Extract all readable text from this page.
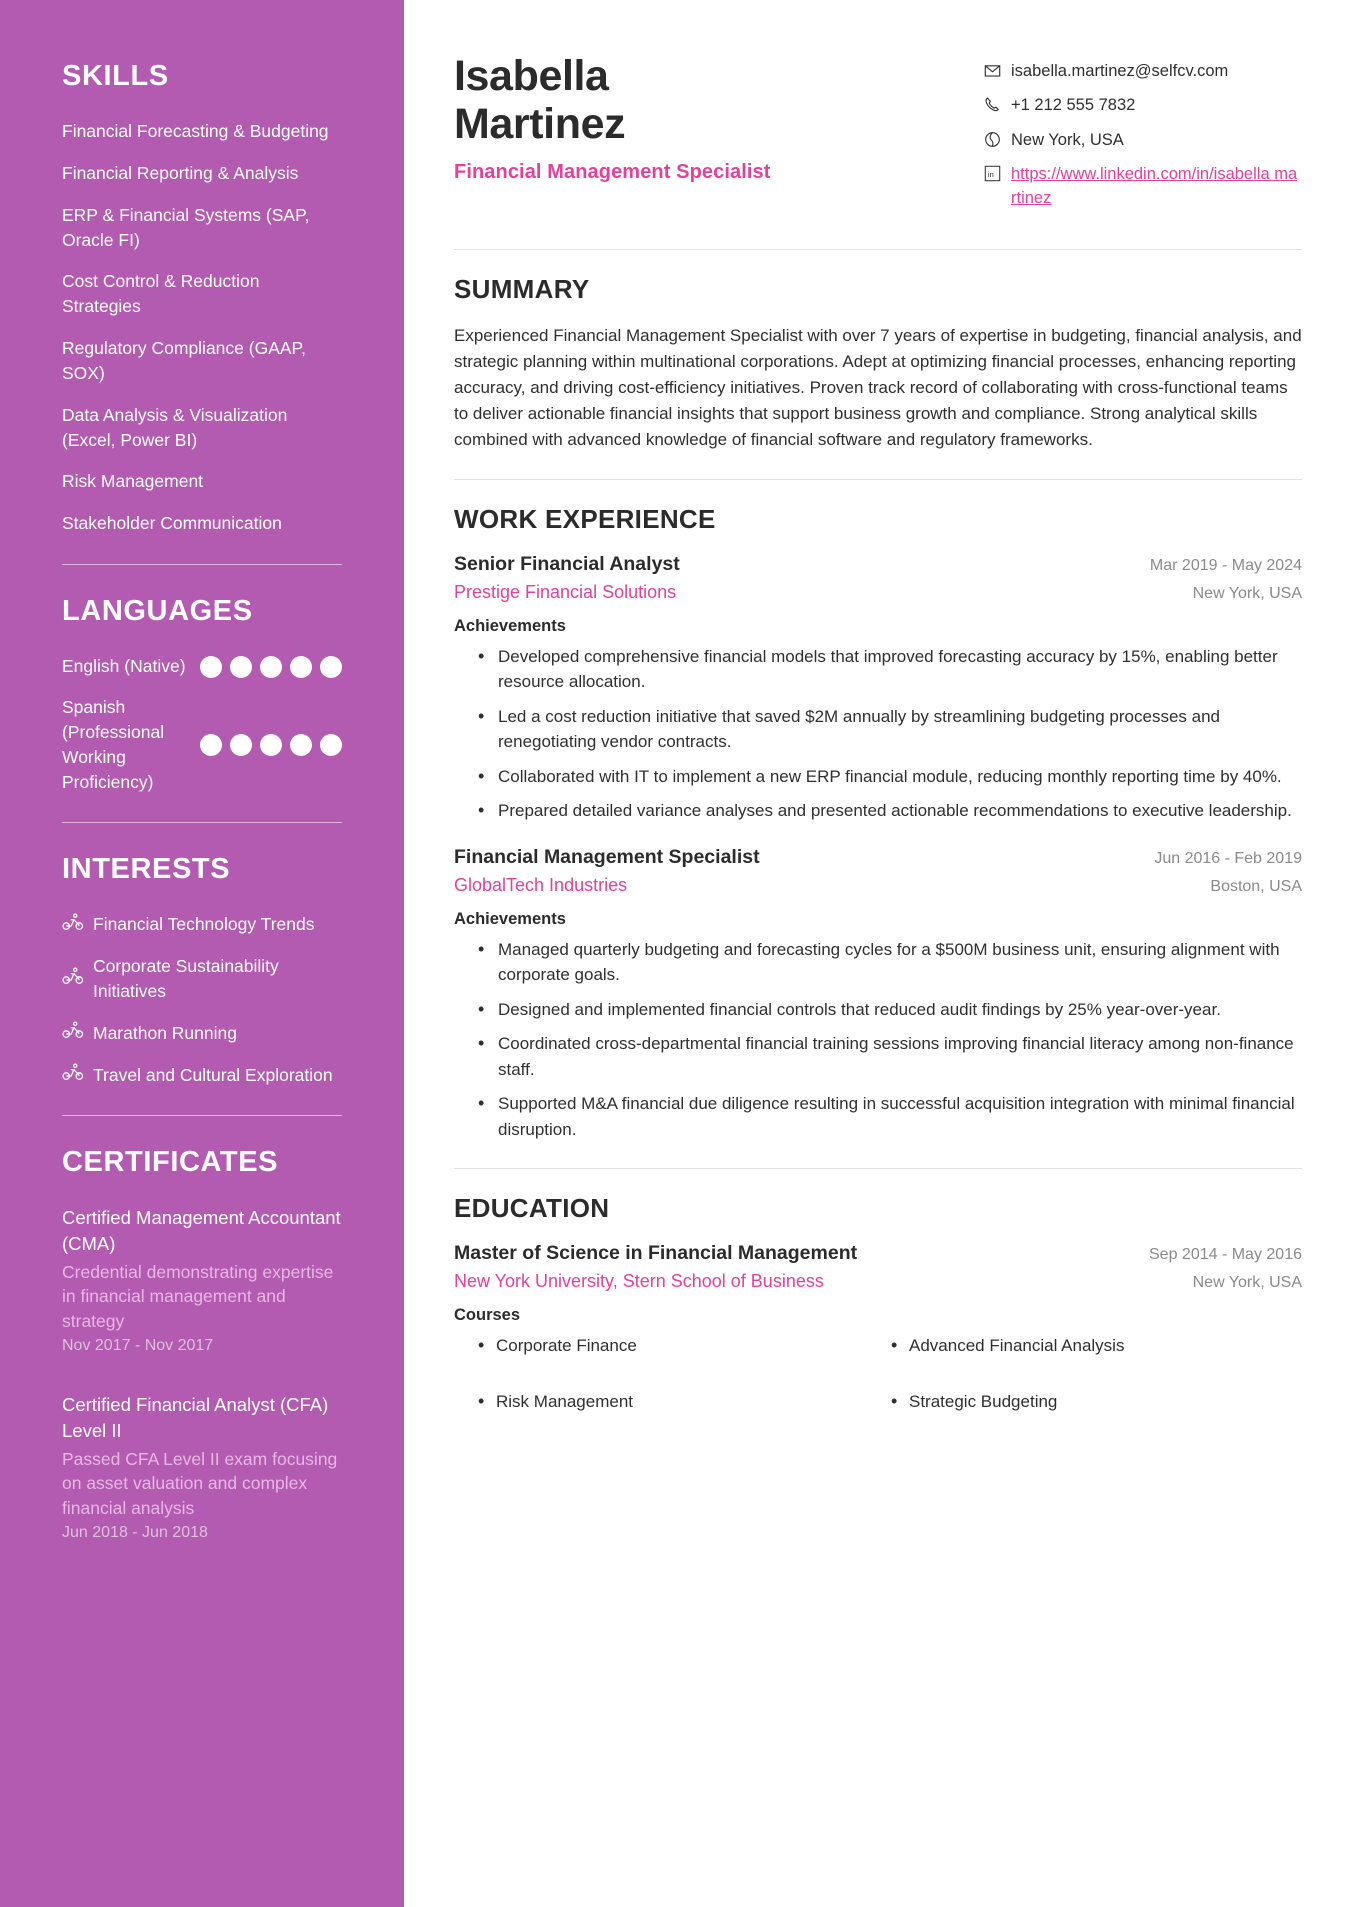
SKILLS
Financial Forecasting & Budgeting
Financial Reporting & Analysis
ERP & Financial Systems (SAP, Oracle FI)
Cost Control & Reduction Strategies
Regulatory Compliance (GAAP, SOX)
Data Analysis & Visualization (Excel, Power BI)
Risk Management
Stakeholder Communication
LANGUAGES
English (Native)
Spanish (Professional Working Proficiency)
INTERESTS
Financial Technology Trends
Corporate Sustainability Initiatives
Marathon Running
Travel and Cultural Exploration
CERTIFICATES
Certified Management Accountant (CMA)
Credential demonstrating expertise in financial management and strategy
Nov 2017 - Nov 2017
Certified Financial Analyst (CFA) Level II
Passed CFA Level II exam focusing on asset valuation and complex financial analysis
Jun 2018 - Jun 2018
Isabella Martinez
Financial Management Specialist
isabella.martinez@selfcv.com
+1 212 555 7832
New York, USA
in https://www.linkedin.com/in/isabella martinez
SUMMARY

Experienced Financial Management Specialist with over 7 years of expertise in budgeting, financial analysis, and strategic planning within multinational corporations. Adept at optimizing financial processes, enhancing reporting accuracy, and driving cost-efficiency initiatives. Proven track record of collaborating with cross-functional teams to deliver actionable financial insights that support business growth and compliance. Strong analytical skills combined with advanced knowledge of financial software and regulatory frameworks.

WORK EXPERIENCE
Senior Financial Analyst	Mar 2019 - May 2024
Prestige Financial Solutions	New York, USA
Achievements
• Developed comprehensive financial models that improved forecasting accuracy by 15%, enabling better resource allocation.
• Led a cost reduction initiative that saved $2M annually by streamlining budgeting processes and renegotiating vendor contracts.
• Collaborated with IT to implement a new ERP financial module, reducing monthly reporting time by 40%.
• Prepared detailed variance analyses and presented actionable recommendations to executive leadership.
Financial Management Specialist	Jun 2016 - Feb 2019
GlobalTech Industries	Boston, USA
Achievements
• Managed quarterly budgeting and forecasting cycles for a $500M business unit, ensuring alignment with corporate goals.
• Designed and implemented financial controls that reduced audit findings by 25% year-over-year.
• Coordinated cross-departmental financial training sessions improving financial literacy among non-finance staff.
• Supported M&A financial due diligence resulting in successful acquisition integration with minimal financial disruption.
EDUCATION
Master of Science in Financial Management	Sep 2014 - May 2016
New York University, Stern School of Business	New York, USA
Courses
• Corporate Finance	• Advanced Financial Analysis
• Risk Management	• Strategic Budgeting
